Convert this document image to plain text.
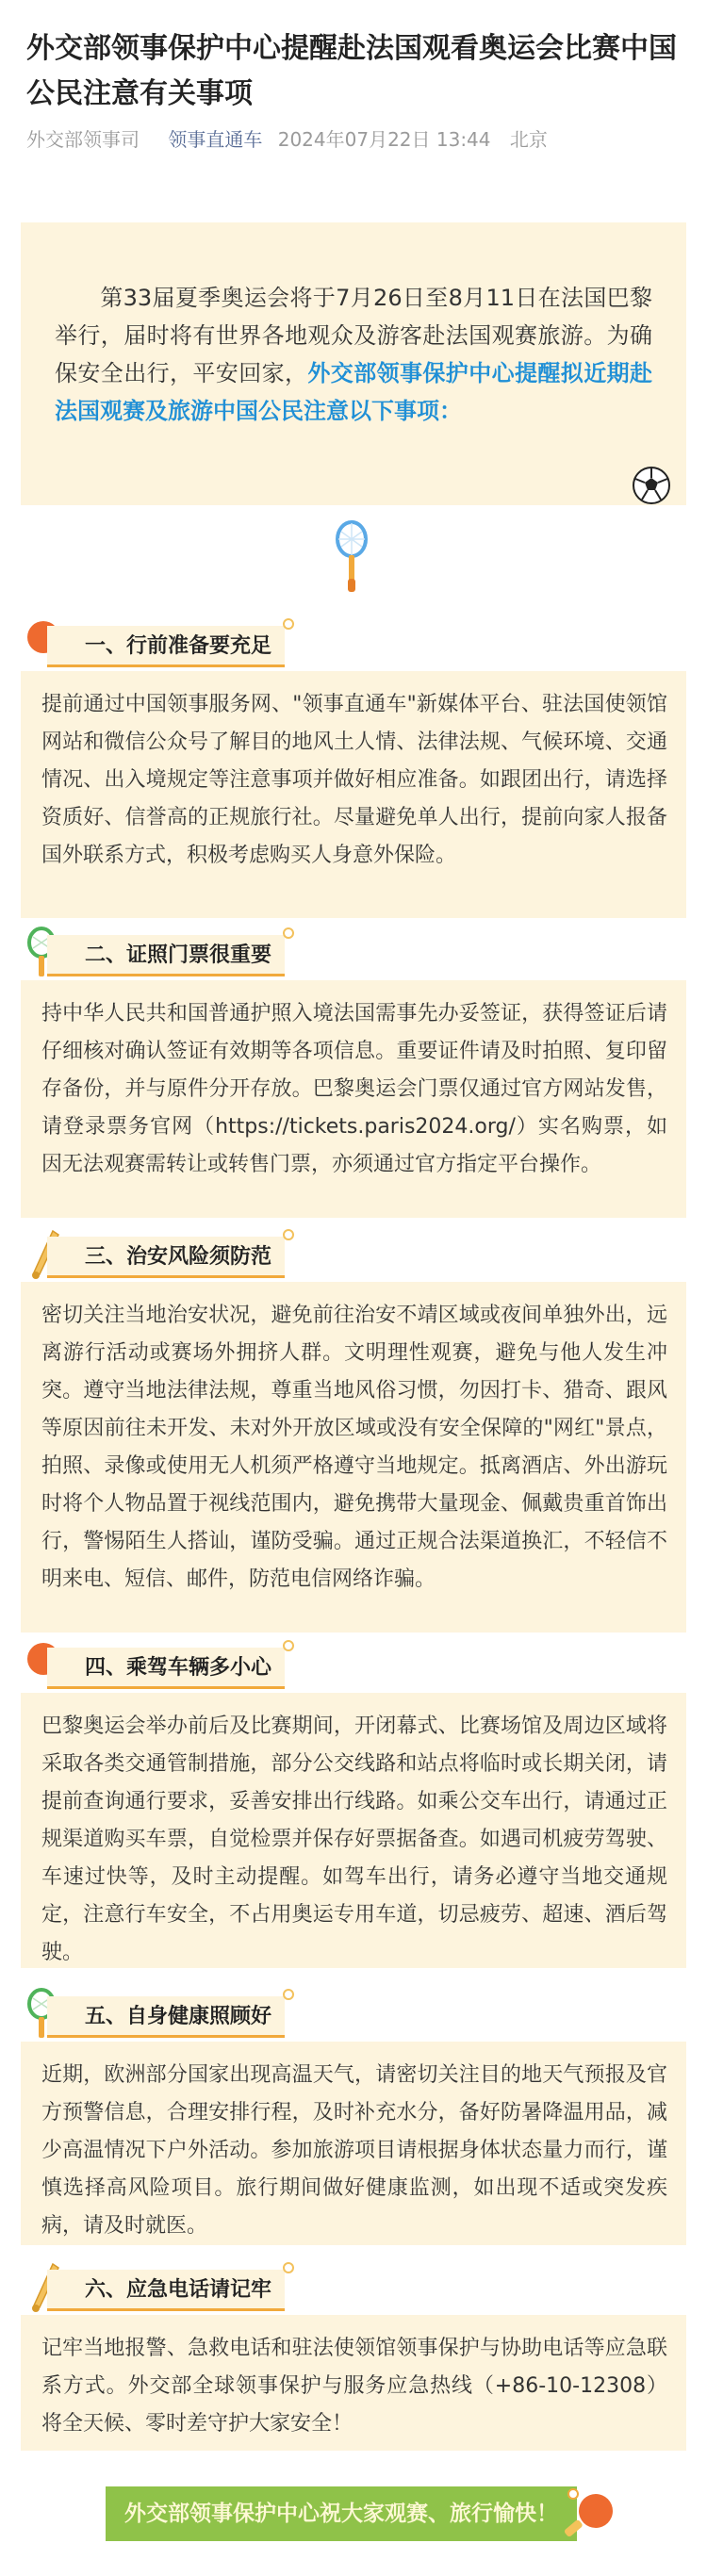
外交部领事保护中心提醒赴法国观看奥运会比赛中国公民注意有关事项
外交部领事司 领事直通车 2024年07月22日 13:44 北京

第33届夏季奥运会将于7月26日至8月11日在法国巴黎举行，届时将有世界各地观众及游客赴法国观赛旅游。为确保安全出行，平安回家，外交部领事保护中心提醒拟近期赴法国观赛及旅游中国公民注意以下事项：

一、行前准备要充足
提前通过中国领事服务网、"领事直通车"新媒体平台、驻法国使领馆网站和微信公众号了解目的地风土人情、法律法规、气候环境、交通情况、出入境规定等注意事项并做好相应准备。如跟团出行，请选择资质好、信誉高的正规旅行社。尽量避免单人出行，提前向家人报备国外联系方式，积极考虑购买人身意外保险。
二、证照门票很重要
持中华人民共和国普通护照入境法国需事先办妥签证，获得签证后请仔细核对确认签证有效期等各项信息。重要证件请及时拍照、复印留存备份，并与原件分开存放。巴黎奥运会门票仅通过官方网站发售，请登录票务官网（https://tickets.paris2024.org/）实名购票，如因无法观赛需转让或转售门票，亦须通过官方指定平台操作。
三、治安风险须防范
密切关注当地治安状况，避免前往治安不靖区域或夜间单独外出，远离游行活动或赛场外拥挤人群。文明理性观赛，避免与他人发生冲突。遵守当地法律法规，尊重当地风俗习惯，勿因打卡、猎奇、跟风等原因前往未开发、未对外开放区域或没有安全保障的"网红"景点，拍照、录像或使用无人机须严格遵守当地规定。抵离酒店、外出游玩时将个人物品置于视线范围内，避免携带大量现金、佩戴贵重首饰出行，警惕陌生人搭讪，谨防受骗。通过正规合法渠道换汇，不轻信不明来电、短信、邮件，防范电信网络诈骗。
四、乘驾车辆多小心
巴黎奥运会举办前后及比赛期间，开闭幕式、比赛场馆及周边区域将采取各类交通管制措施，部分公交线路和站点将临时或长期关闭，请提前查询通行要求，妥善安排出行线路。如乘公交车出行，请通过正规渠道购买车票，自觉检票并保存好票据备查。如遇司机疲劳驾驶、车速过快等，及时主动提醒。如驾车出行，请务必遵守当地交通规定，注意行车安全，不占用奥运专用车道，切忌疲劳、超速、酒后驾驶。
五、自身健康照顾好
近期，欧洲部分国家出现高温天气，请密切关注目的地天气预报及官方预警信息，合理安排行程，及时补充水分，备好防暑降温用品，减少高温情况下户外活动。参加旅游项目请根据身体状态量力而行，谨慎选择高风险项目。旅行期间做好健康监测，如出现不适或突发疾病，请及时就医。
六、应急电话请记牢
记牢当地报警、急救电话和驻法使领馆领事保护与协助电话等应急联系方式。外交部全球领事保护与服务应急热线（+86-10-12308）将全天候、零时差守护大家安全！
外交部领事保护中心祝大家观赛、旅行愉快！
